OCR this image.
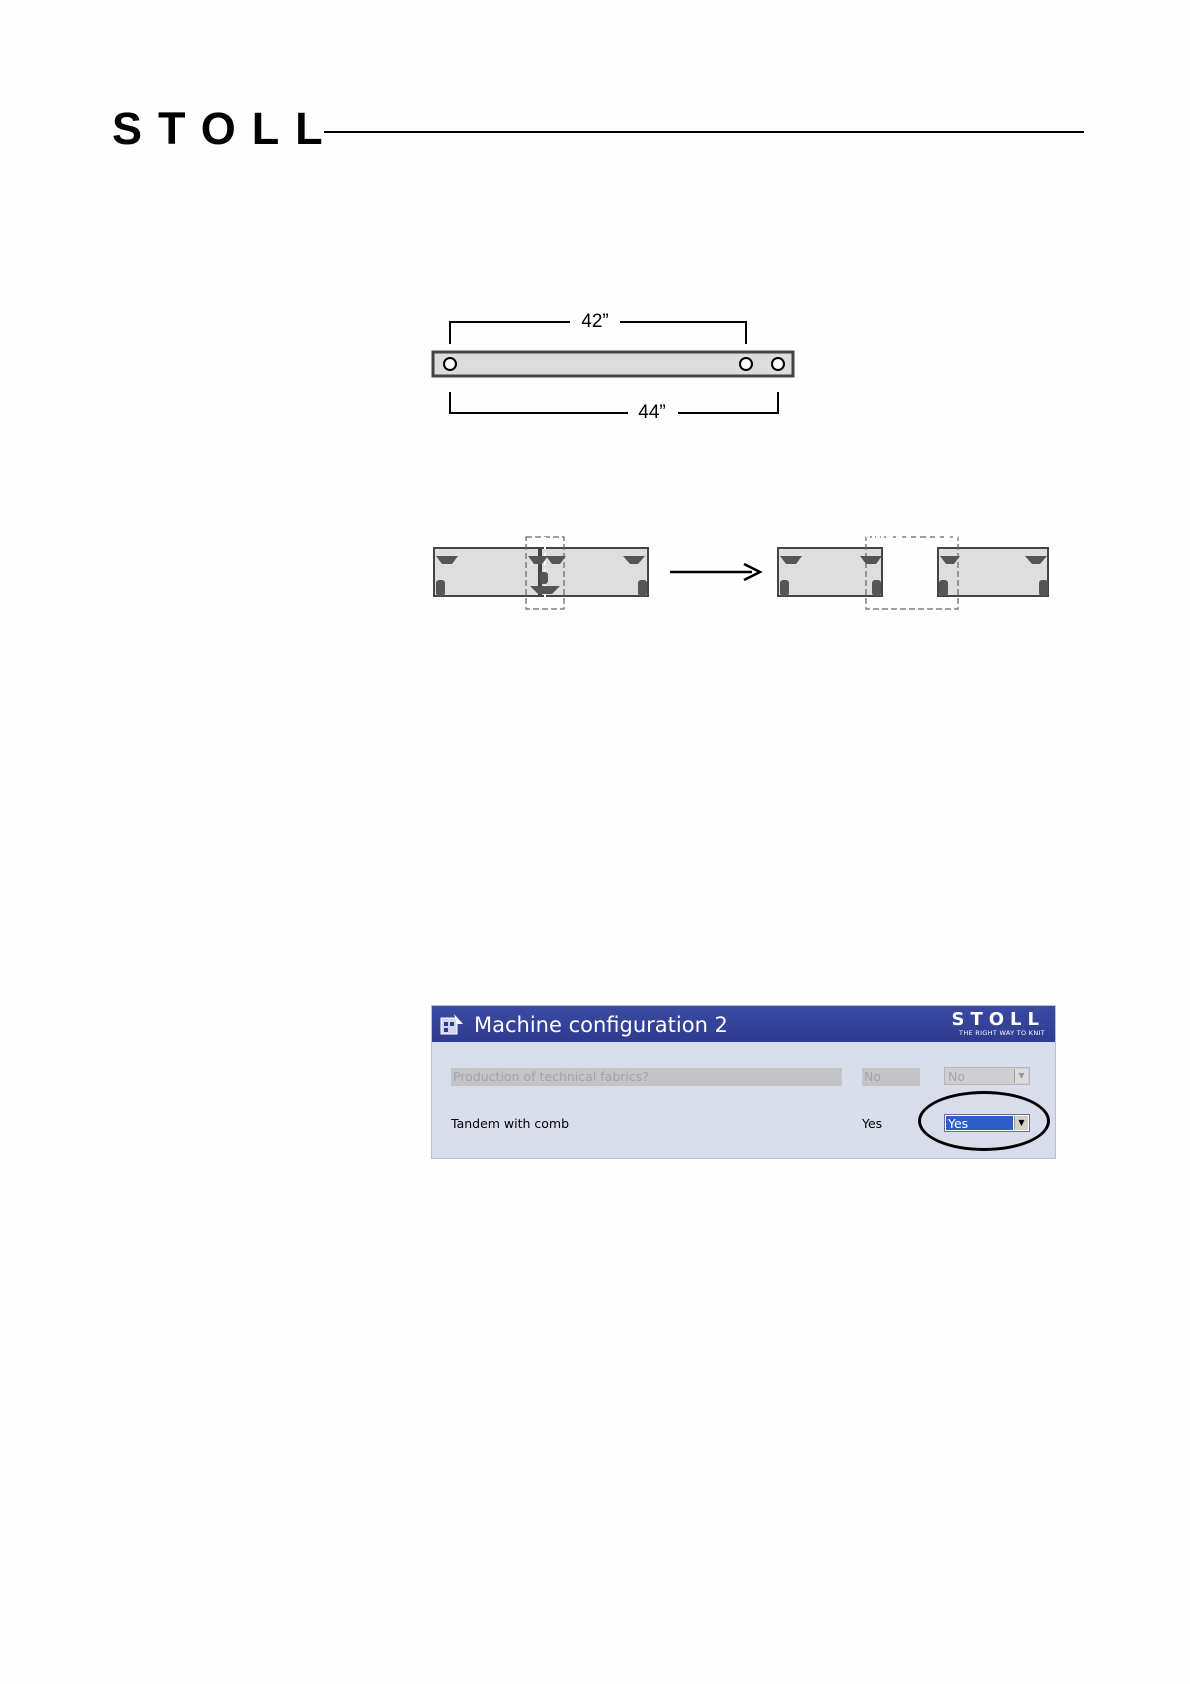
STOLL
42”
44”
Machine configuration 2	STOLL
THE RIGHT WAY TO KNIT
Production of technical fabrics?	No	No	▼
Tandem with comb	Yes	Yes	▼
